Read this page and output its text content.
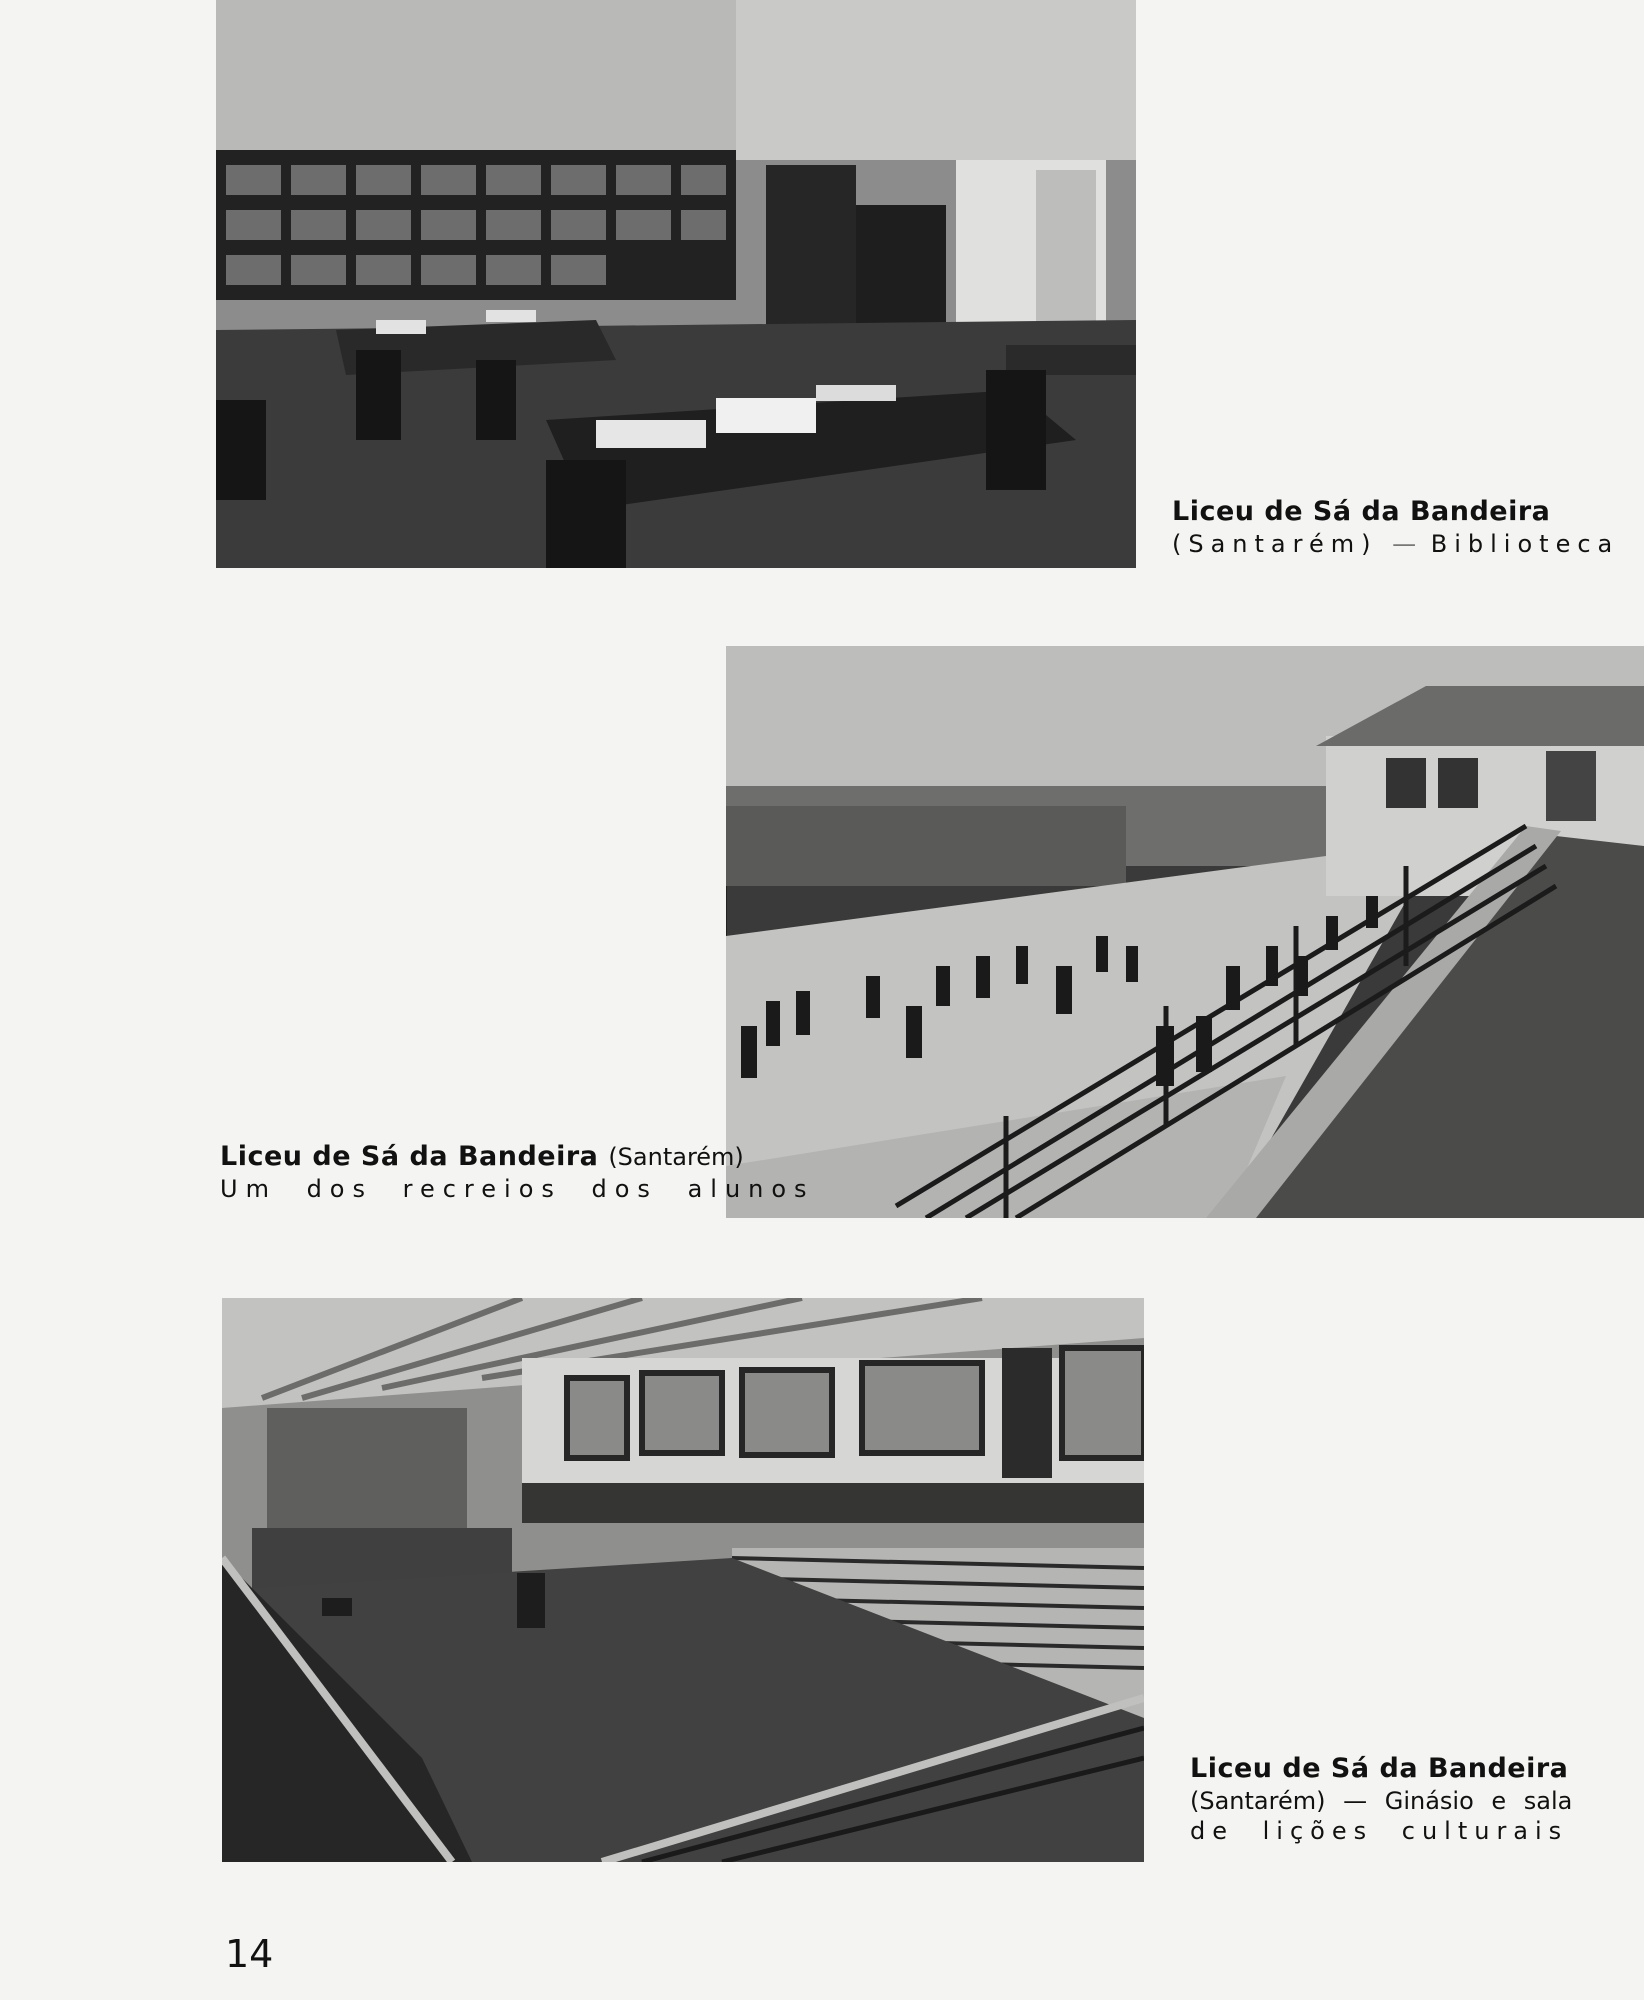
Liceu de Sá da Bandeira
(Santarém) — Biblioteca
Liceu de Sá da Bandeira (Santarém)
Um dos recreios dos alunos
Liceu de Sá da Bandeira
(Santarém) — Ginásio e sala
de lições culturais
14
